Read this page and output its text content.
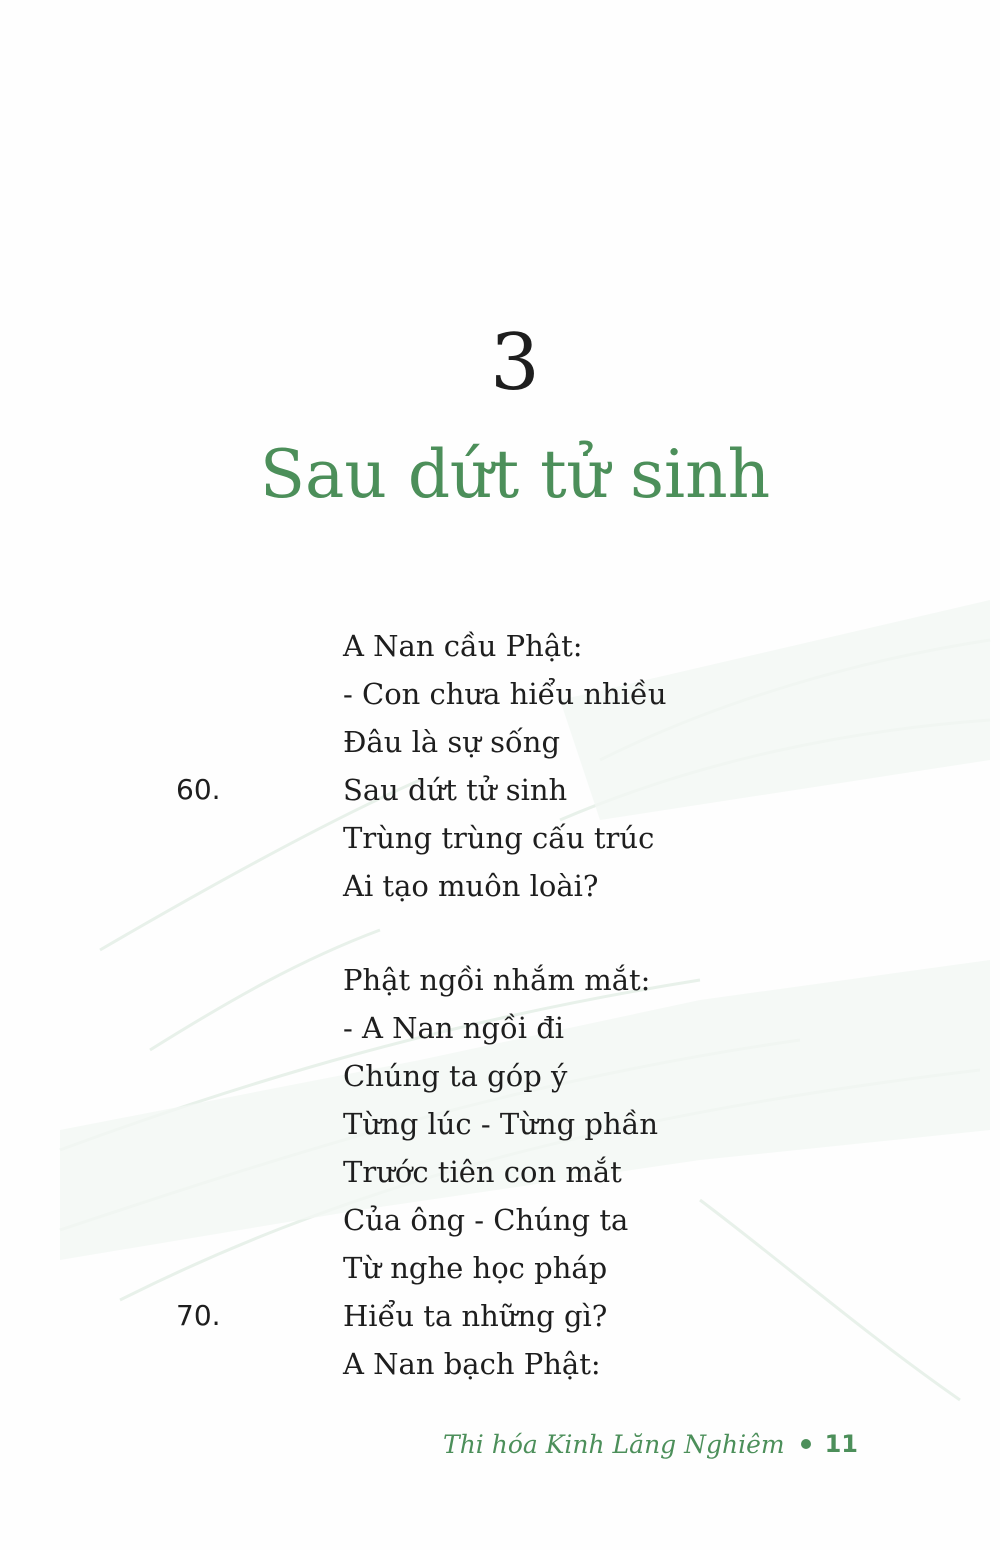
3
Sau dứt tử sinh
60.
70.
A Nan cầu Phật:
- Con chưa hiểu nhiều
Đâu là sự sống
Sau dứt tử sinh
Trùng trùng cấu trúc
Ai tạo muôn loài?
Phật ngồi nhắm mắt:
- A Nan ngồi đi
Chúng ta góp ý
Từng lúc - Từng phần
Trước tiên con mắt
Của ông - Chúng ta
Từ nghe học pháp
Hiểu ta những gì?
A Nan bạch Phật:
Thi hóa Kinh Lăng Nghiêm 11
